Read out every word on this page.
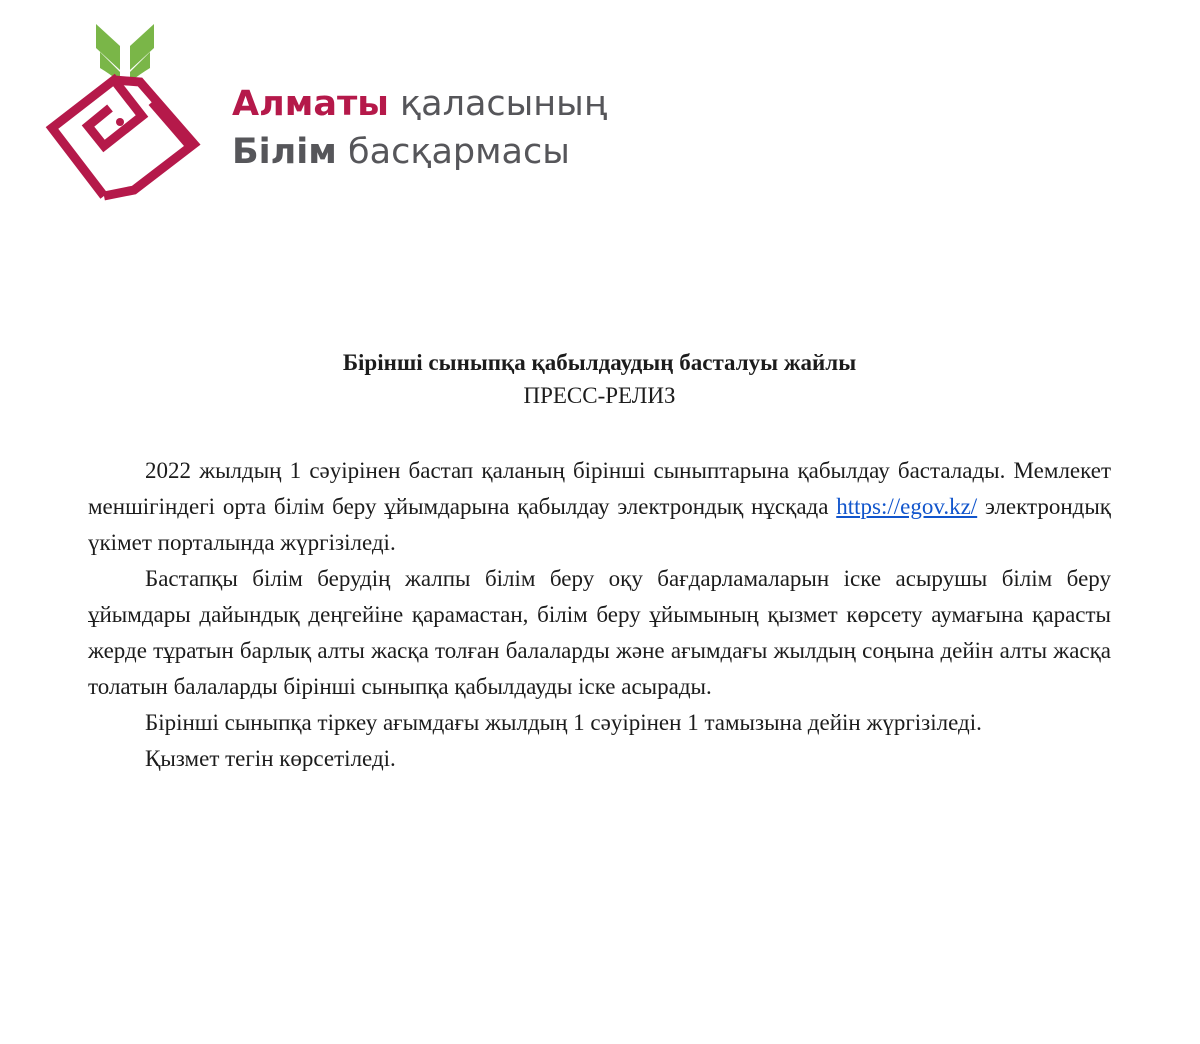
Алматы қаласының
Білім басқармасы

Бірінші сыныпқа қабылдаудың басталуы жайлы

ПРЕСС-РЕЛИЗ

2022 жылдың 1 сәуірінен бастап қаланың бірінші сыныптарына қабылдау басталады. Мемлекет меншігіндегі орта білім беру ұйымдарына қабылдау электрондық нұсқада https://egov.kz/ электрондық үкімет порталында жүргізіледі.

Бастапқы білім берудің жалпы білім беру оқу бағдарламаларын іске асырушы білім беру ұйымдары дайындық деңгейіне қарамастан, білім беру ұйымының қызмет көрсету аумағына қарасты жерде тұратын барлық алты жасқа толған балаларды және ағымдағы жылдың соңына дейін алты жасқа толатын балаларды бірінші сыныпқа қабылдауды іске асырады.

Бірінші сыныпқа тіркеу ағымдағы жылдың 1 сәуірінен 1 тамызына дейін жүргізіледі.

Қызмет тегін көрсетіледі.
